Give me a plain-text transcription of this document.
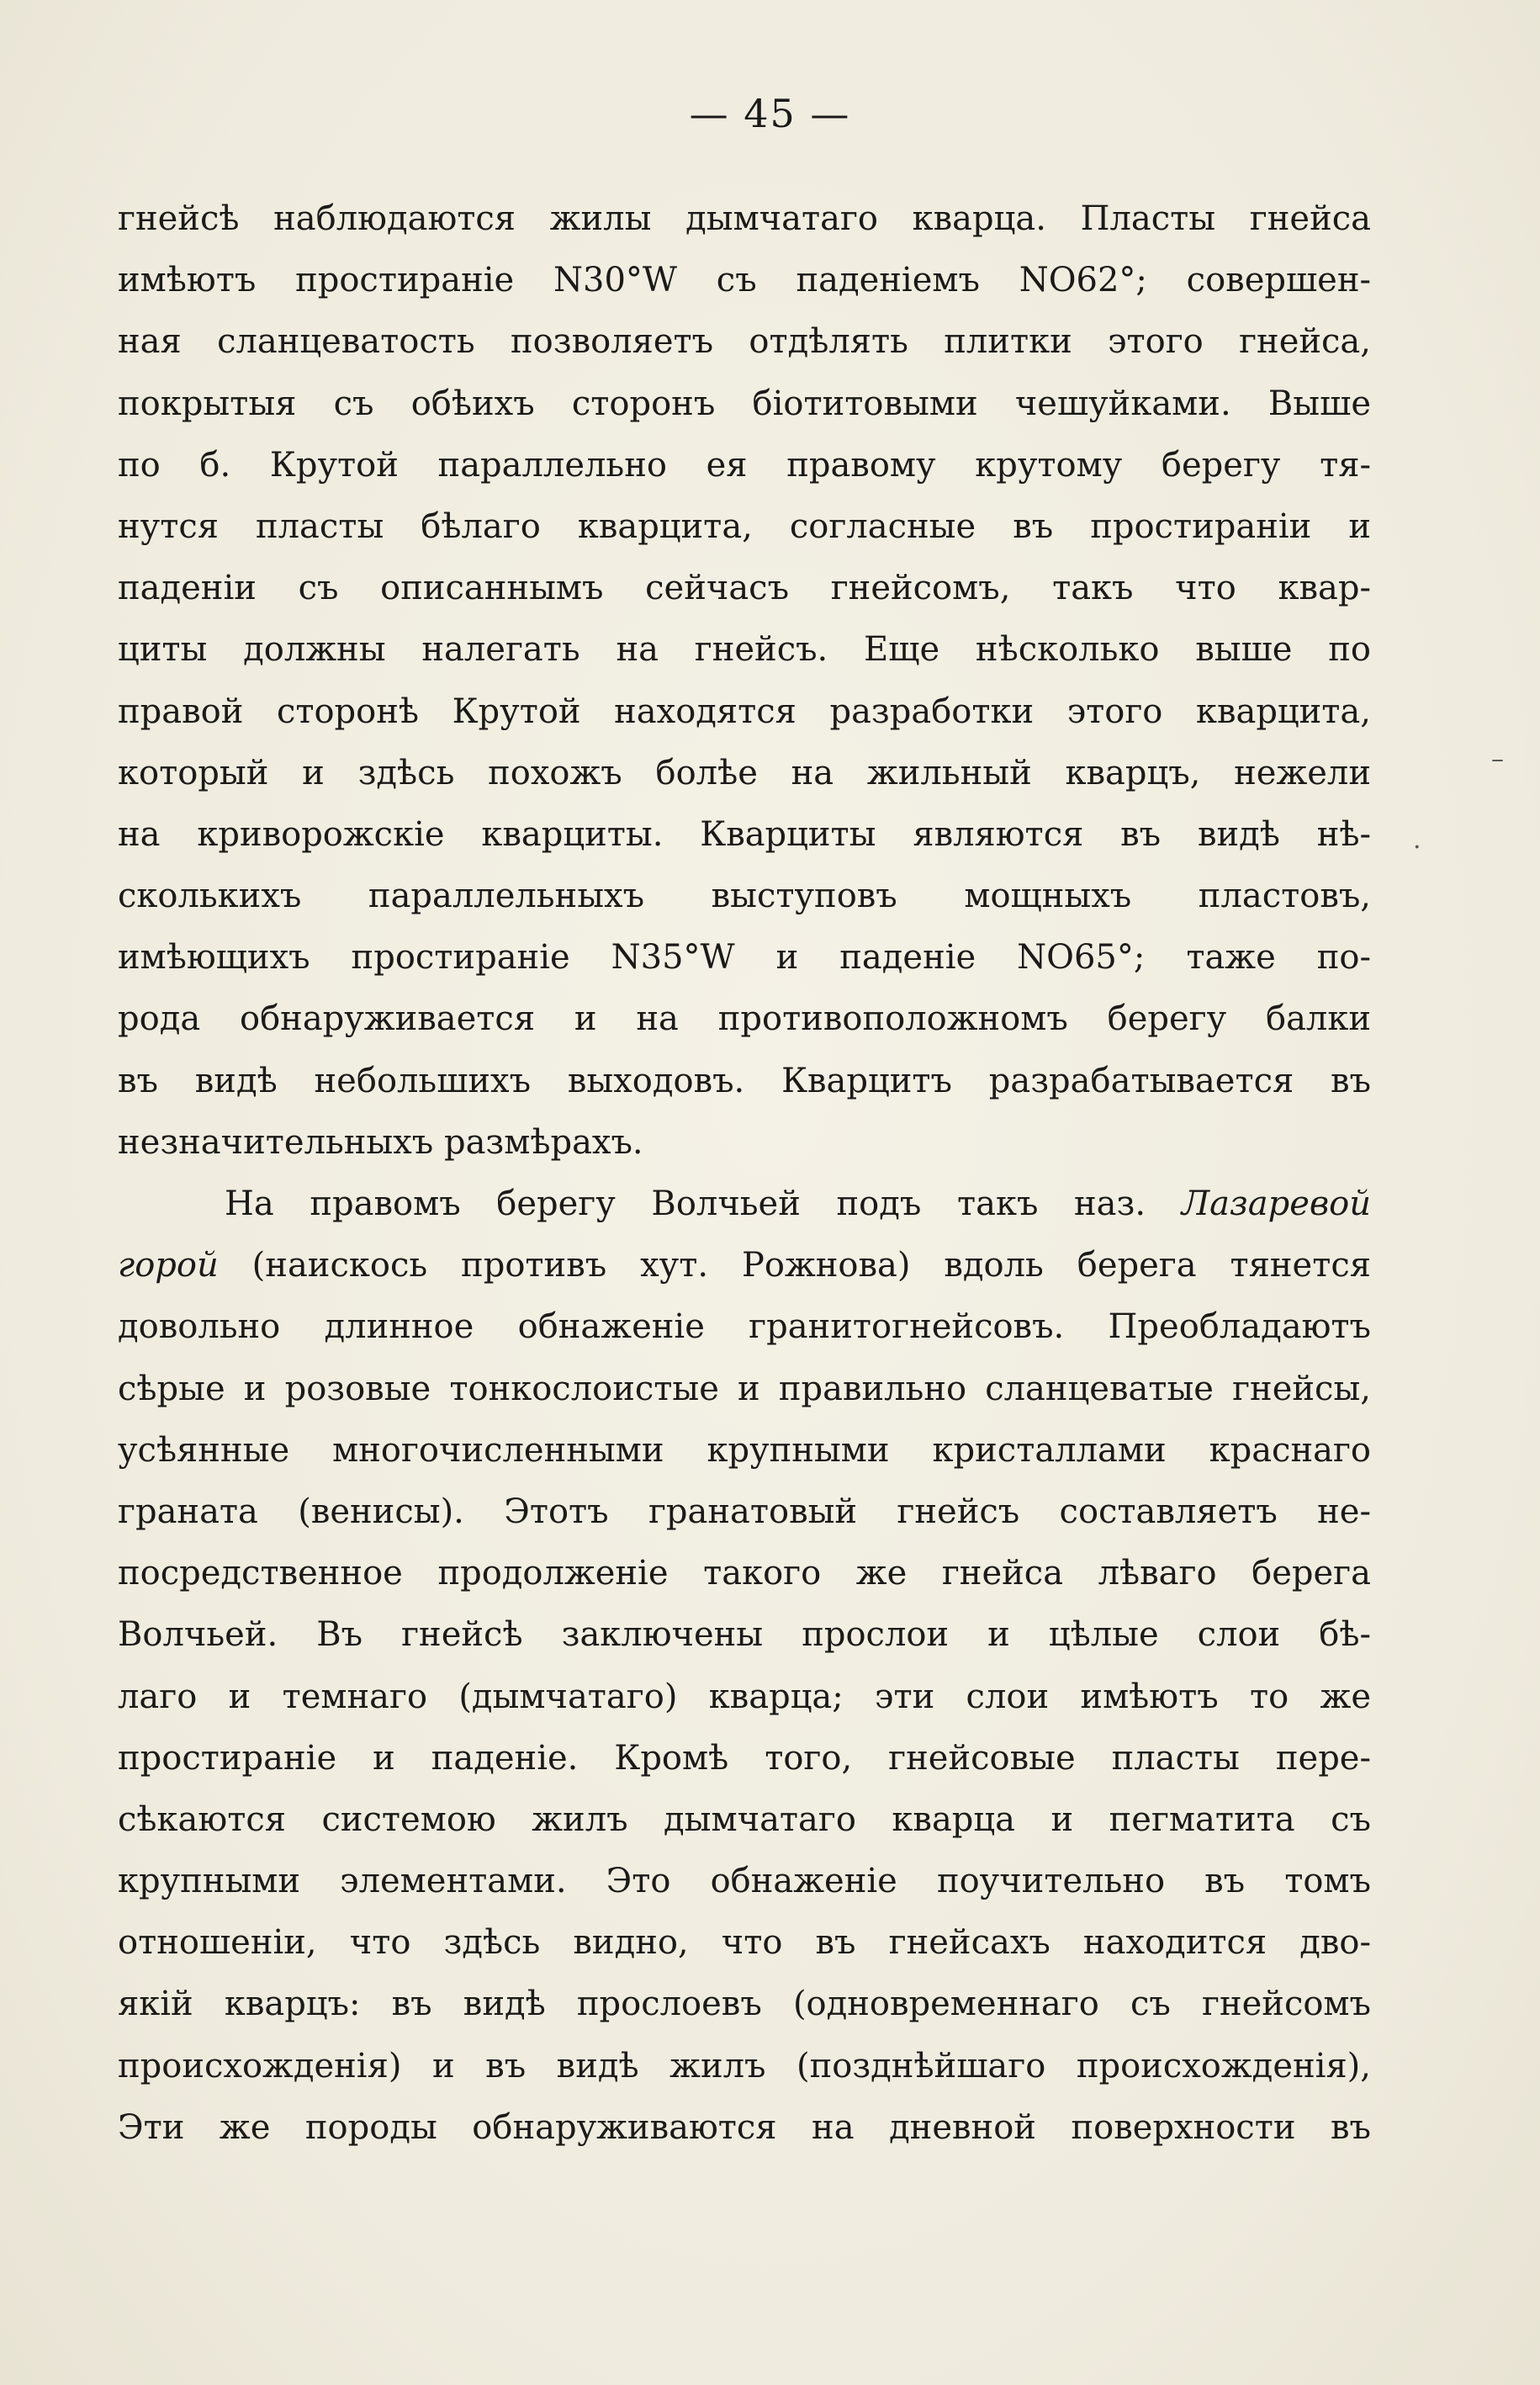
— 45 —
гнейсѣ наблюдаются жилы дымчатаго кварца. Пласты гнейса
имѣютъ простиранiе N30°W съ паденiемъ NO62°; совершен-
ная сланцеватость позволяетъ отдѣлять плитки этого гнейса,
покрытыя съ обѣихъ сторонъ бiотитовыми чешуйками. Выше
по б. Крутой параллельно ея правому крутому берегу тя-
нутся пласты бѣлаго кварцита, согласные въ простиранiи и
паденiи съ описаннымъ сейчасъ гнейсомъ, такъ что квар-
циты должны налегать на гнейсъ. Еще нѣсколько выше по
правой сторонѣ Крутой находятся разработки этого кварцита,
который и здѣсь похожъ болѣе на жильный кварцъ, нежели
на криворожскiе кварциты. Кварциты являются въ видѣ нѣ-
сколькихъ параллельныхъ выступовъ мощныхъ пластовъ,
имѣющихъ простиранiе N35°W и паденiе NO65°; таже по-
рода обнаруживается и на противоположномъ берегу балки
въ видѣ небольшихъ выходовъ. Кварцитъ разрабатывается въ
незначительныхъ размѣрахъ.
На правомъ берегу Волчьей подъ такъ наз. Лазаревой
горой (наискось противъ хут. Рожнова) вдоль берега тянется
довольно длинное обнаженiе гранитогнейсовъ. Преобладаютъ
сѣрые и розовые тонкослоистые и правильно сланцеватые гнейсы,
усѣянные многочисленными крупными кристаллами краснаго
граната (венисы). Этотъ гранатовый гнейсъ составляетъ не-
посредственное продолженiе такого же гнейса лѣваго берега
Волчьей. Въ гнейсѣ заключены прослои и цѣлые слои бѣ-
лаго и темнаго (дымчатаго) кварца; эти слои имѣютъ то же
простиранiе и паденiе. Кромѣ того, гнейсовые пласты пере-
сѣкаются системою жилъ дымчатаго кварца и пегматита съ
крупными элементами. Это обнаженiе поучительно въ томъ
отношенiи, что здѣсь видно, что въ гнейсахъ находится дво-
якiй кварцъ: въ видѣ прослоевъ (одновременнаго съ гнейсомъ
происхожденiя) и въ видѣ жилъ (позднѣйшаго происхожденiя),
Эти же породы обнаруживаются на дневной поверхности въ
–
·
